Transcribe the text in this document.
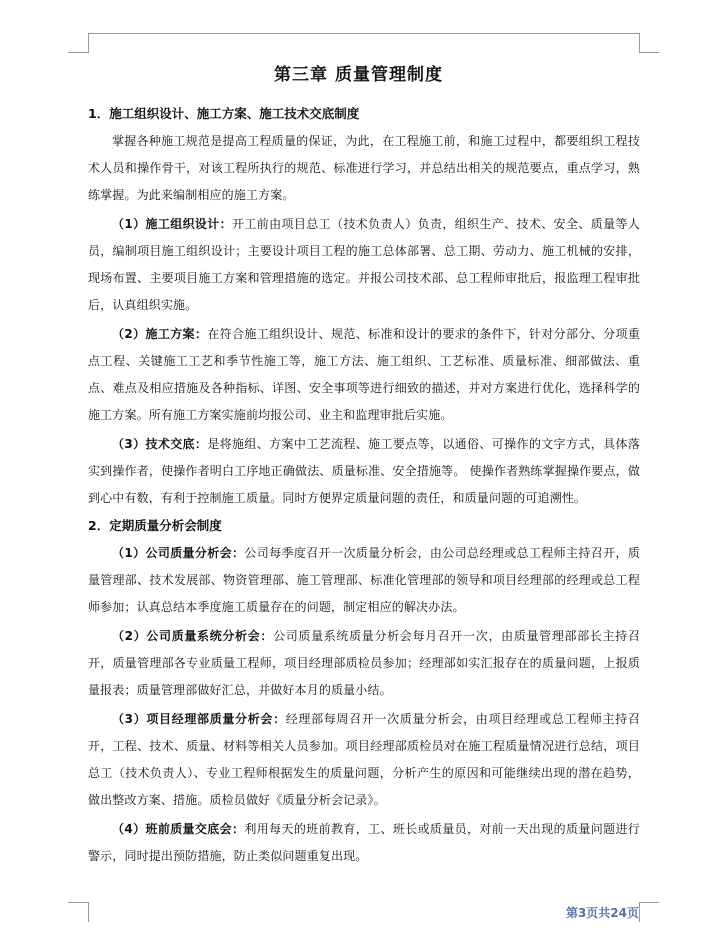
第三章 质量管理制度
1．施工组织设计、施工方案、施工技术交底制度

掌握各种施工规范是提高工程质量的保证，为此，在工程施工前，和施工过程中，都要组织工程技术人员和操作骨干，对该工程所执行的规范、标准进行学习，并总结出相关的规范要点，重点学习，熟练掌握。为此来编制相应的施工方案。

（1）施工组织设计：开工前由项目总工（技术负责人）负责，组织生产、技术、安全、质量等人员，编制项目施工组织设计；主要设计项目工程的施工总体部署、总工期、劳动力、施工机械的安排，现场布置、主要项目施工方案和管理措施的选定。并报公司技术部、总工程师审批后，报监理工程审批后，认真组织实施。

（2）施工方案：在符合施工组织设计、规范、标准和设计的要求的条件下，针对分部分、分项重点工程、关键施工工艺和季节性施工等，施工方法、施工组织、工艺标准、质量标准、细部做法、重点、难点及相应措施及各种指标、详图、安全事项等进行细致的描述，并对方案进行优化，选择科学的施工方案。所有施工方案实施前均报公司、业主和监理审批后实施。

（3）技术交底：是将施组、方案中工艺流程、施工要点等，以通俗、可操作的文字方式，具体落实到操作者，使操作者明白工序地正确做法、质量标准、安全措施等。 使操作者熟练掌握操作要点，做到心中有数，有利于控制施工质量。同时方便界定质量问题的责任，和质量问题的可追溯性。

2．定期质量分析会制度

（1）公司质量分析会：公司每季度召开一次质量分析会，由公司总经理或总工程师主持召开，质量管理部、技术发展部、物资管理部、施工管理部、标准化管理部的领导和项目经理部的经理或总工程师参加；认真总结本季度施工质量存在的问题，制定相应的解决办法。

（2）公司质量系统分析会：公司质量系统质量分析会每月召开一次，由质量管理部部长主持召开，质量管理部各专业质量工程师，项目经理部质检员参加；经理部如实汇报存在的质量问题，上报质量报表；质量管理部做好汇总，并做好本月的质量小结。

（3）项目经理部质量分析会：经理部每周召开一次质量分析会，由项目经理或总工程师主持召开，工程、技术、质量、材料等相关人员参加。项目经理部质检员对在施工程质量情况进行总结，项目总工（技术负责人）、专业工程师根据发生的质量问题，分析产生的原因和可能继续出现的潜在趋势，做出整改方案、措施。质检员做好《质量分析会记录》。

（4）班前质量交底会：利用每天的班前教育，工、班长或质量员，对前一天出现的质量问题进行警示，同时提出预防措施，防止类似问题重复出现。

第3页共24页
